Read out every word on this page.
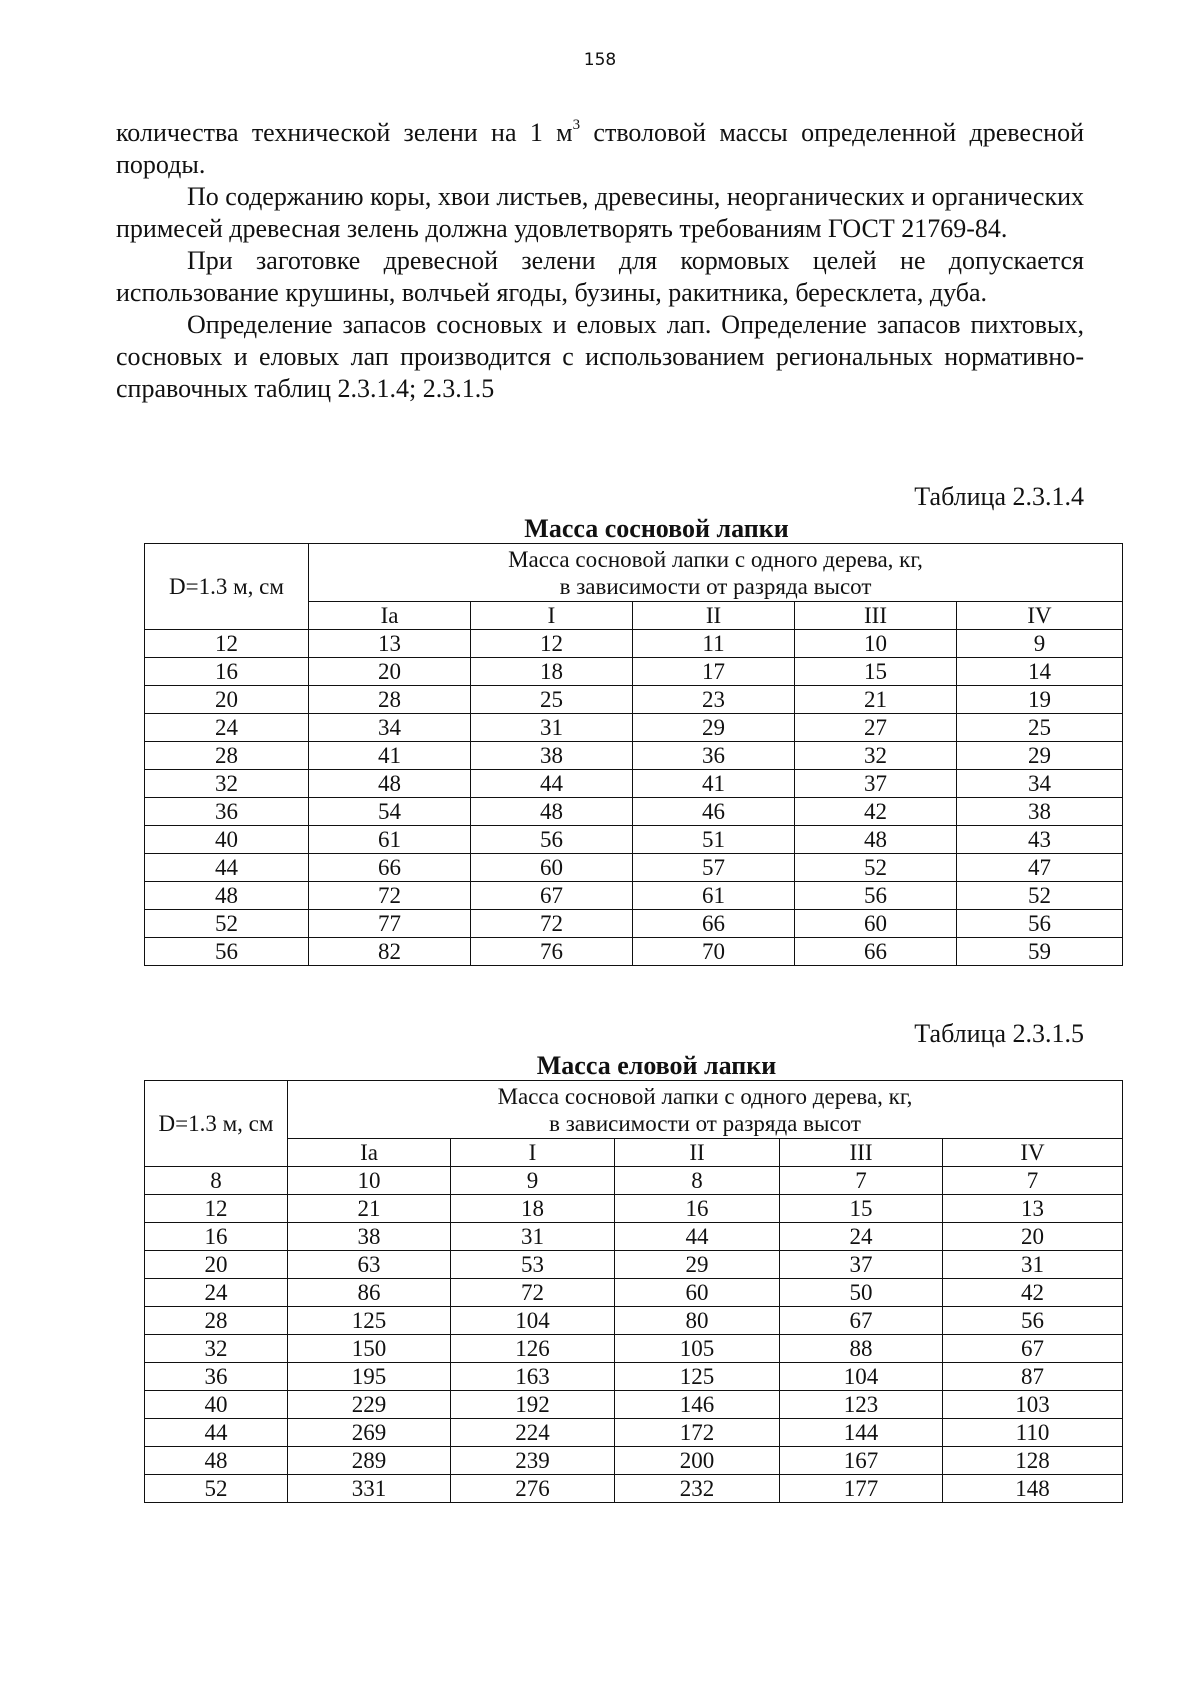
158

количества технической зелени на 1 $м^3$ стволовой массы определенной древесной породы.

По содержанию коры, хвои листьев, древесины, неорганических и органических примесей древесная зелень должна удовлетворять требованиям ГОСТ 21769-84.

При заготовке древесной зелени для кормовых целей не допускается использование крушины, волчьей ягоды, бузины, ракитника, бересклета, дуба.

Определение запасов сосновых и еловых лап. Определение запасов пихтовых, сосновых и еловых лап производится с использованием региональных нормативно-справочных таблиц 2.3.1.4; 2.3.1.5

Таблица 2.3.1.4
Масса сосновой лапки
D=1.3 м, см	Масса сосновой лапки с одного дерева, кг,
в зависимости от разряда высот				

	Ia	I	II	III	IV
12	13	12	11	10	9
16	20	18	17	15	14
20	28	25	23	21	19
24	34	31	29	27	25
28	41	38	36	32	29
32	48	44	41	37	34
36	54	48	46	42	38
40	61	56	51	48	43
44	66	60	57	52	47
48	72	67	61	56	52
52	77	72	66	60	56
56	82	76	70	66	59
Таблица 2.3.1.5
Масса еловой лапки
D=1.3 м, см	Масса сосновой лапки с одного дерева, кг,
в зависимости от разряда высот				

	Ia	I	II	III	IV
8	10	9	8	7	7
12	21	18	16	15	13
16	38	31	44	24	20
20	63	53	29	37	31
24	86	72	60	50	42
28	125	104	80	67	56
32	150	126	105	88	67
36	195	163	125	104	87
40	229	192	146	123	103
44	269	224	172	144	110
48	289	239	200	167	128
52	331	276	232	177	148
